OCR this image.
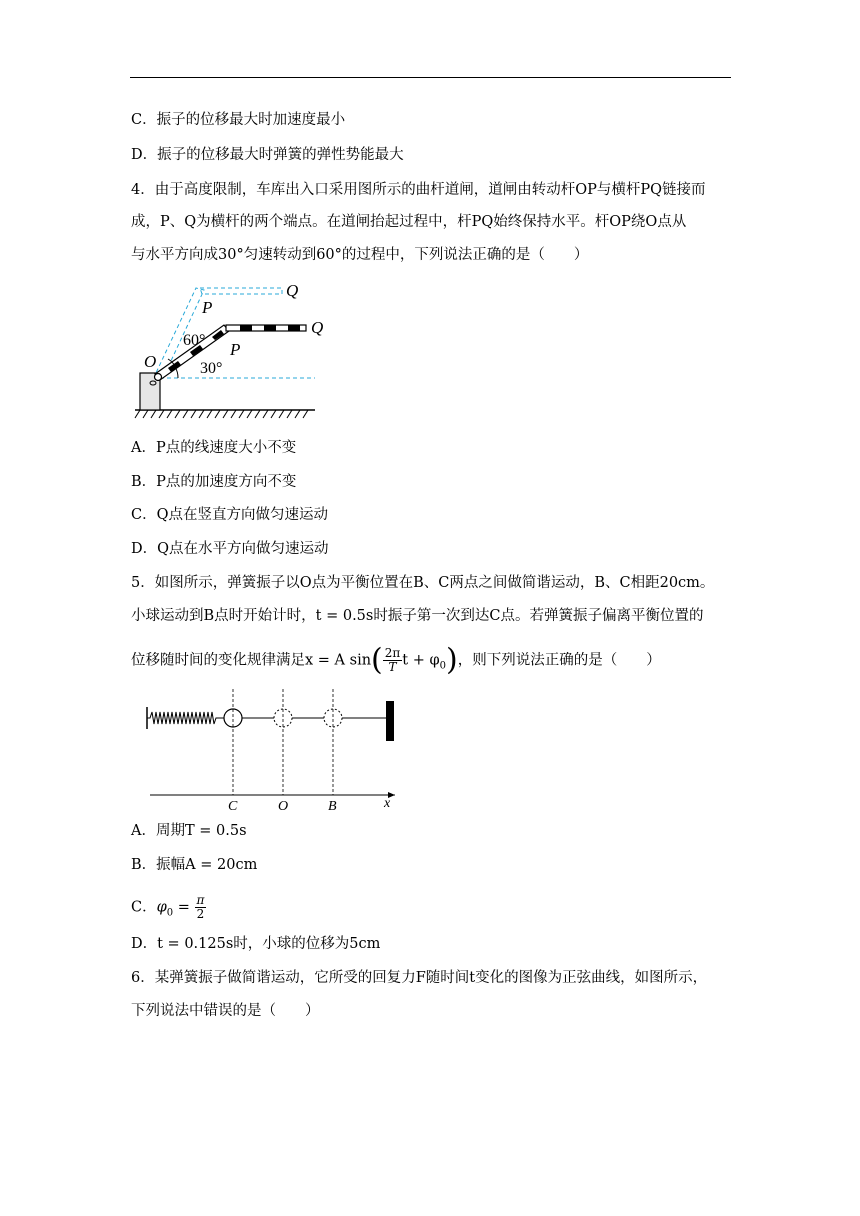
C．振子的位移最大时加速度最小
D．振子的位移最大时弹簧的弹性势能最大
4．由于高度限制，车库出入口采用图所示的曲杆道闸，道闸由转动杆OP与横杆PQ链接而
成，P、Q为横杆的两个端点。在道闸抬起过程中，杆PQ始终保持水平。杆OP绕O点从
与水平方向成30°匀速转动到60°的过程中，下列说法正确的是（　　）
O
P
Q
P
Q
60°
30°
A．P点的线速度大小不变
B．P点的加速度方向不变
C．Q点在竖直方向做匀速运动
D．Q点在水平方向做匀速运动
5．如图所示，弹簧振子以O点为平衡位置在B、C两点之间做简谐运动，B、C相距20cm。
小球运动到B点时开始计时，t = 0.5s时振子第一次到达C点。若弹簧振子偏离平衡位置的
位移随时间的变化规律满足x = A $\sin( \frac{2\pi}{T}$ $t + \varphi_0$)，则下列说法正确的是（　　）
C	O	B	x
A．周期T = 0.5s
B．振幅A = 20cm
C．$\varphi_0 = \frac{\pi}{2}$
D．t = 0.125s时，小球的位移为5cm
6．某弹簧振子做简谐运动，它所受的回复力F随时间t变化的图像为正弦曲线，如图所示，
下列说法中错误的是（　　）
